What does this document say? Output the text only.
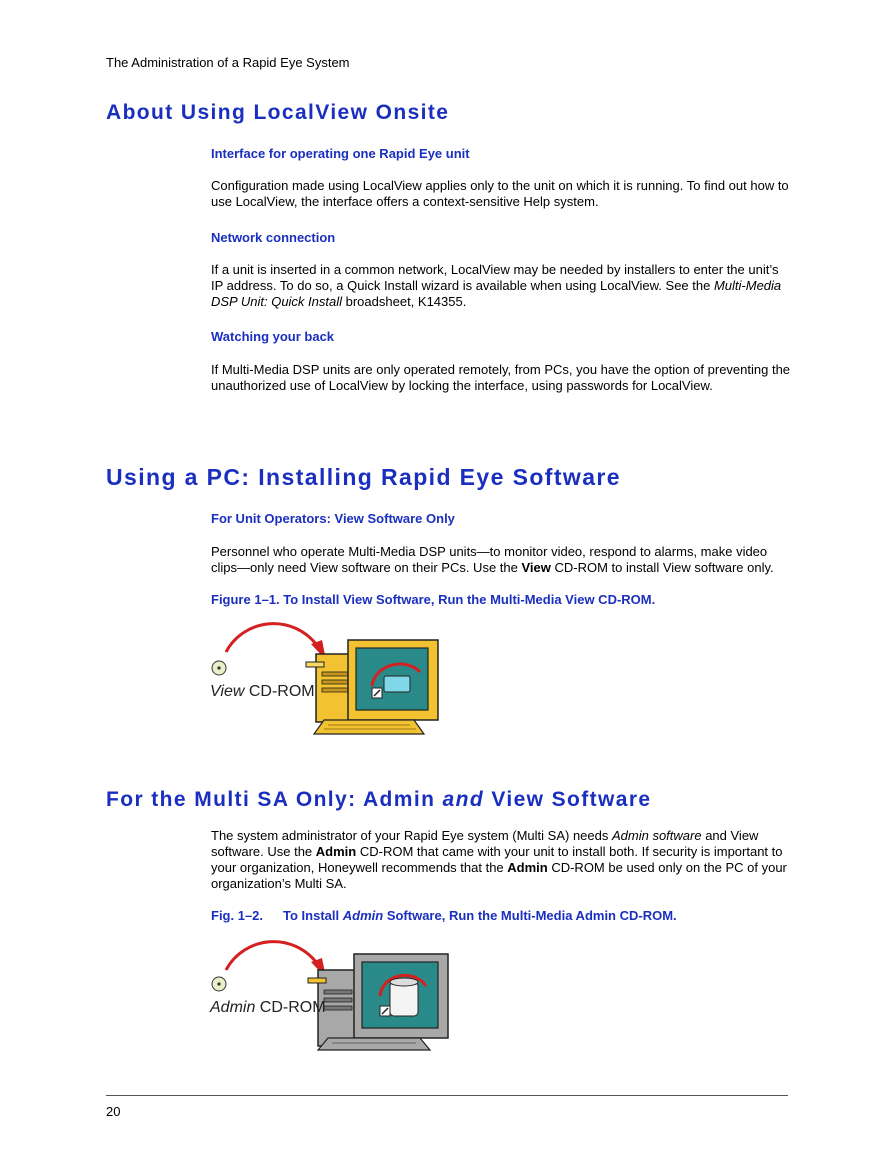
The Administration of a Rapid Eye System
About Using LocalView Onsite
Interface for operating one Rapid Eye unit

Configuration made using LocalView applies only to the unit on which it is running. To find out how to use LocalView, the interface offers a context-sensitive Help system.

Network connection

If a unit is inserted in a common network, LocalView may be needed by installers to enter the unit’s IP address. To do so, a Quick Install wizard is available when using LocalView. See the Multi-Media DSP Unit: Quick Install broadsheet, K14355.

Watching your back

If Multi-Media DSP units are only operated remotely, from PCs, you have the option of preventing the unauthorized use of LocalView by locking the interface, using passwords for LocalView.

Using a PC: Installing Rapid Eye Software
For Unit Operators: View Software Only

Personnel who operate Multi-Media DSP units—to monitor video, respond to alarms, make video clips—only need View software on their PCs. Use the View CD-ROM to install View software only.

Figure 1–1. To Install View Software, Run the Multi-Media View CD-ROM.
View CD-ROM
For the Multi SA Only: Admin and View Software

The system administrator of your Rapid Eye system (Multi SA) needs Admin software and View software. Use the Admin CD-ROM that came with your unit to install both. If security is important to your organization, Honeywell recommends that the Admin CD-ROM be used only on the PC of your organization’s Multi SA.

Fig. 1–2. To Install Admin Software, Run the Multi-Media Admin CD-ROM.
Admin CD-ROM
20
